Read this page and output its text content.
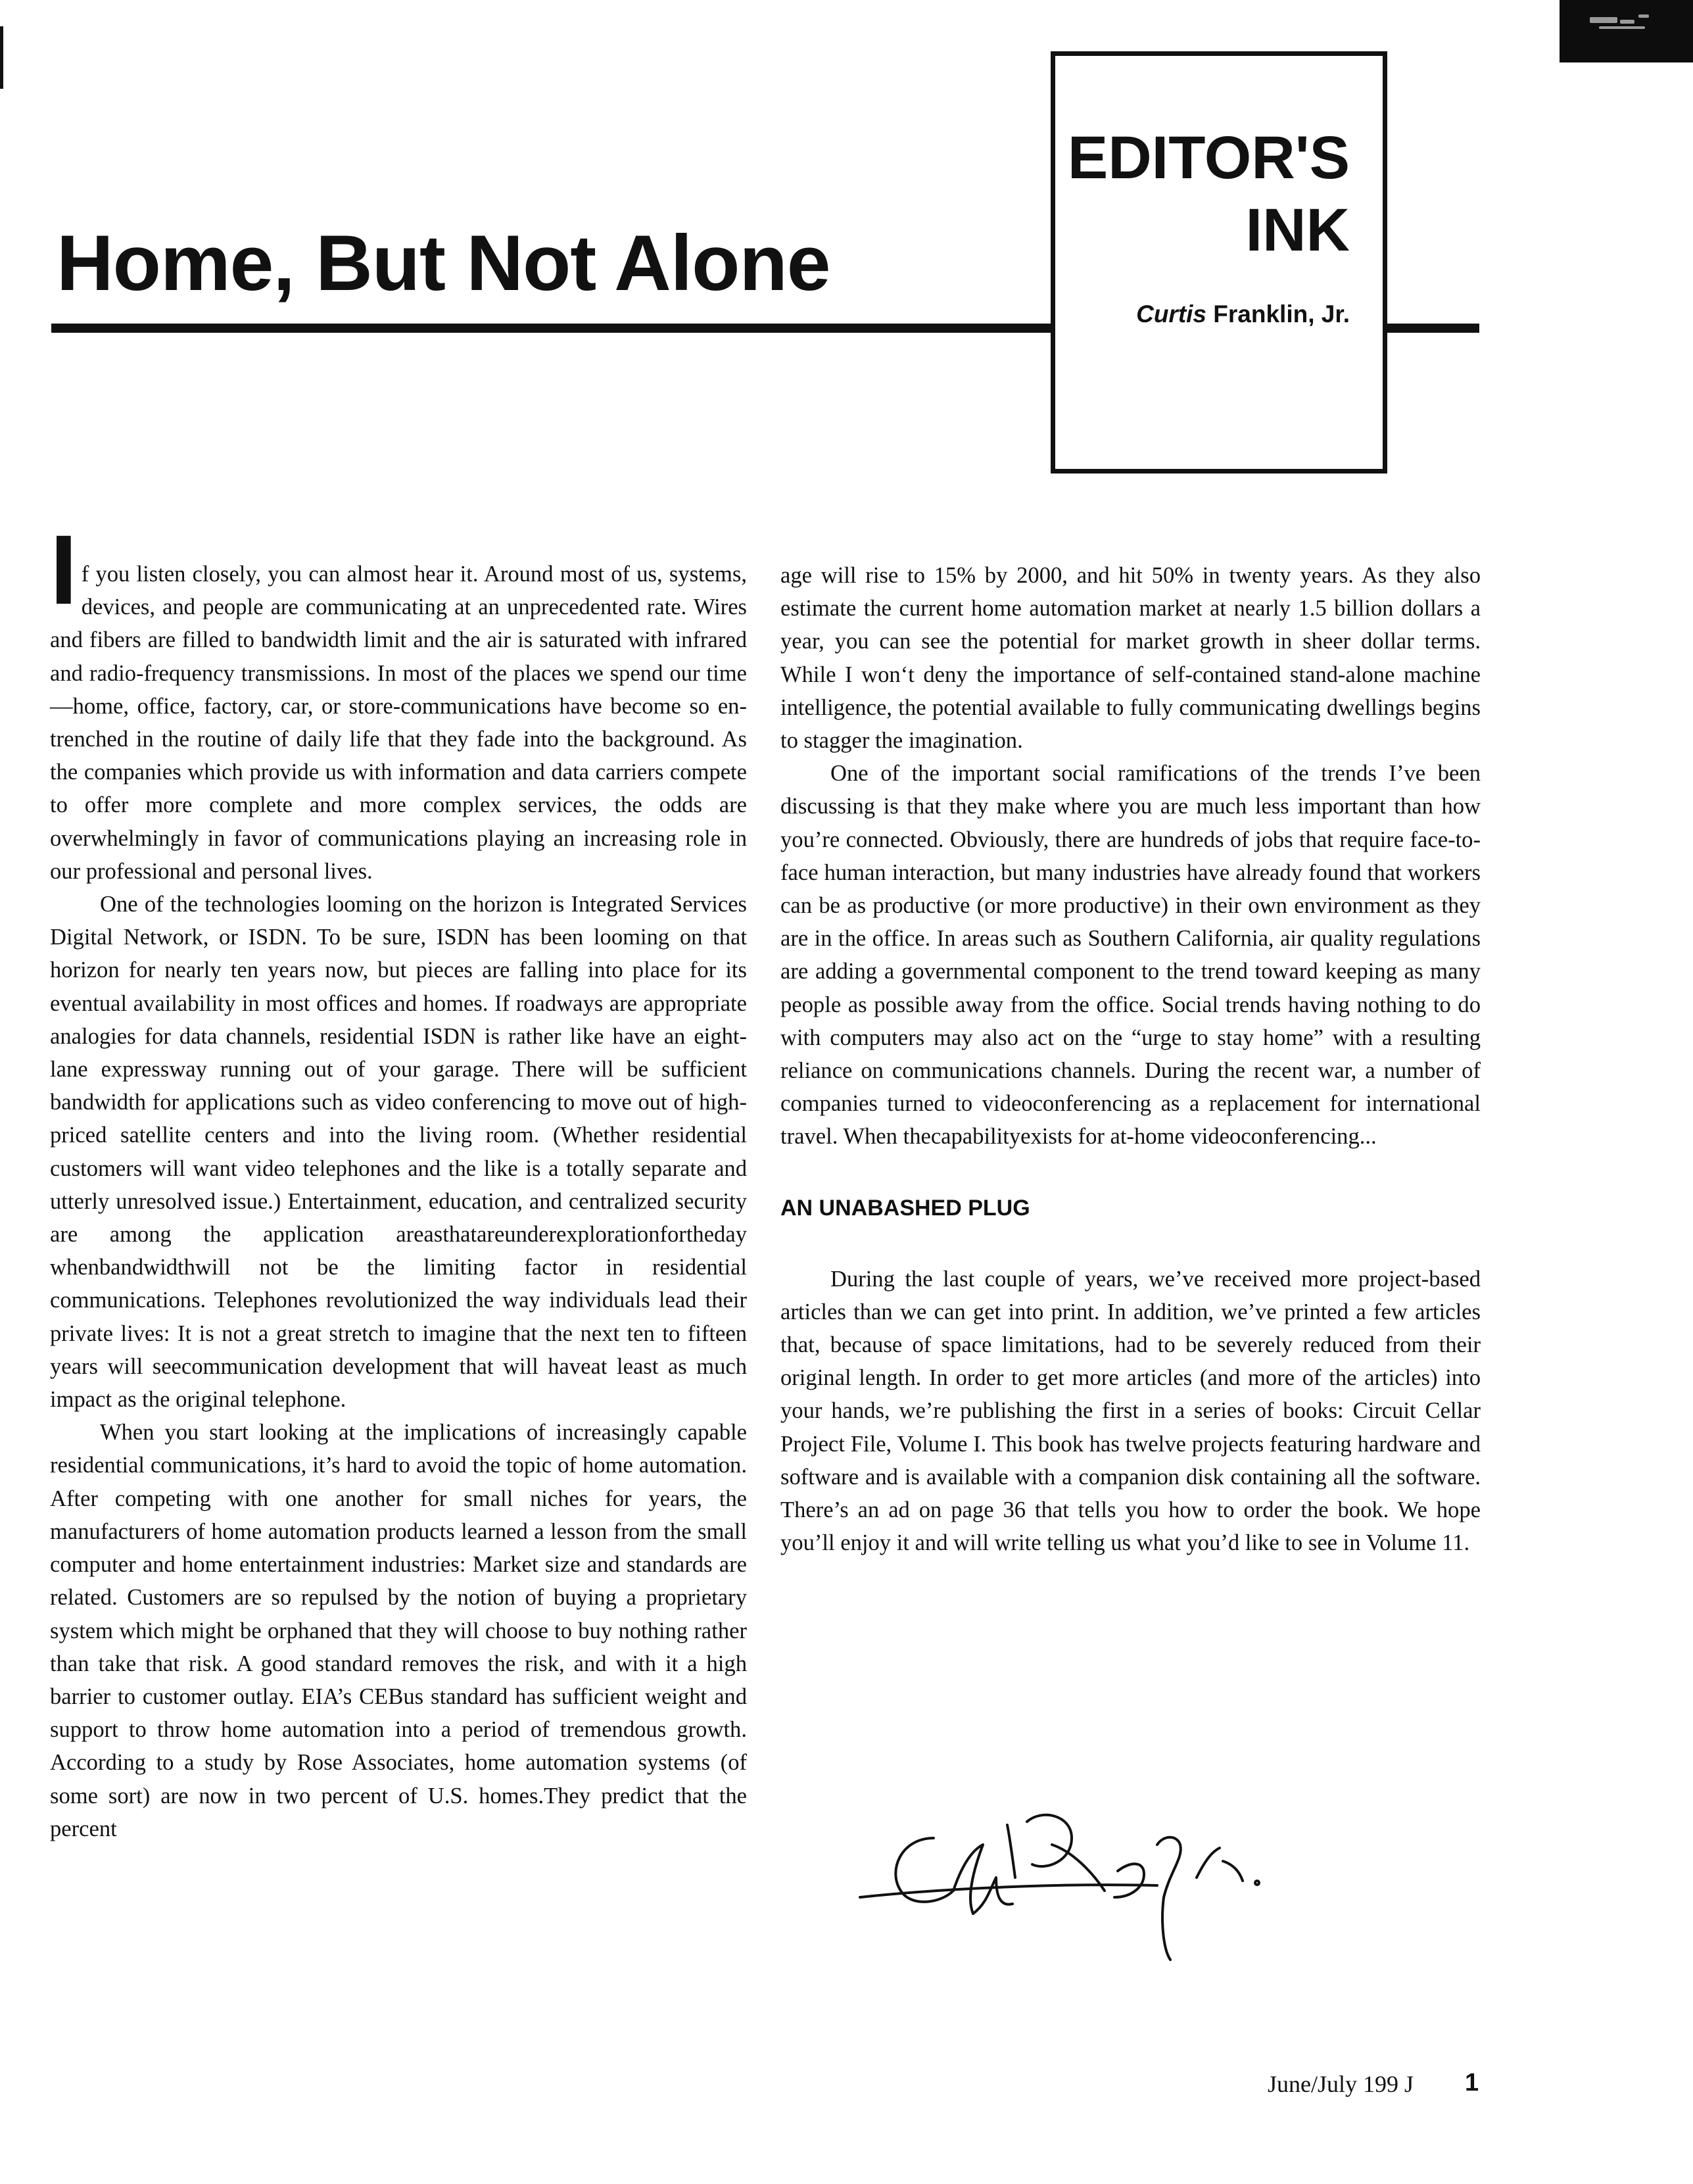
Home, But Not Alone
EDITOR'S
INK
Curtis Franklin, Jr.

If you listen closely, you can almost hear it. Around most of us, systems, devices, and people are communicating at an unprecedented rate. Wires and fibers are filled to bandwidth limit and the air is saturated with infrared and radio-frequency transmissions. In most of the places we spend our time—home, office, factory, car, or store-communications have become so entrenched in the routine of daily life that they fade into the background. As the companies which provide us with information and data carriers compete to offer more complete and more complex services, the odds are overwhelmingly in favor of communications playing an increasing role in our professional and personal lives.

One of the technologies looming on the horizon is Integrated Services Digital Network, or ISDN. To be sure, ISDN has been looming on that horizon for nearly ten years now, but pieces are falling into place for its eventual availability in most offices and homes. If roadways are appropriate analogies for data channels, residential ISDN is rather like have an eight-lane expressway running out of your garage. There will be sufficient bandwidth for applications such as video conferencing to move out of high-priced satellite centers and into the living room. (Whether residential customers will want video telephones and the like is a totally separate and utterly unresolved issue.) Entertainment, education, and centralized security are among the application areasthatareunderexplorationfortheday whenbandwidthwill not be the limiting factor in residential communications. Telephones revolutionized the way individuals lead their private lives: It is not a great stretch to imagine that the next ten to fifteen years will seecommunication development that will haveat least as much impact as the original telephone.

When you start looking at the implications of increasingly capable residential communications, it’s hard to avoid the topic of home automation. After competing with one another for small niches for years, the manufacturers of home automation products learned a lesson from the small computer and home entertainment industries: Market size and standards are related. Customers are so repulsed by the notion of buying a proprietary system which might be orphaned that they will choose to buy nothing rather than take that risk. A good standard removes the risk, and with it a high barrier to customer outlay. EIA’s CEBus standard has sufficient weight and support to throw home automation into a period of tremendous growth. According to a study by Rose Associates, home automation systems (of some sort) are now in two percent of U.S. homes.They predict that the percent

age will rise to 15% by 2000, and hit 50% in twenty years. As they also estimate the current home automation market at nearly 1.5 billion dollars a year, you can see the potential for market growth in sheer dollar terms. While I won‘t deny the importance of self-contained stand-alone machine intelligence, the potential available to fully communicating dwellings begins to stagger the imagination.

One of the important social ramifications of the trends I’ve been discussing is that they make where you are much less important than how you’re connected. Obviously, there are hundreds of jobs that require face-to-face human interaction, but many industries have already found that workers can be as productive (or more productive) in their own environment as they are in the office. In areas such as Southern California, air quality regulations are adding a governmental component to the trend toward keeping as many people as possible away from the office. Social trends having nothing to do with computers may also act on the “urge to stay home” with a resulting reliance on communications channels. During the recent war, a number of companies turned to videoconferencing as a replacement for international travel. When thecapabilityexists for at-home videoconferencing...

AN UNABASHED PLUG

During the last couple of years, we’ve received more project-based articles than we can get into print. In addition, we’ve printed a few articles that, because of space limitations, had to be severely reduced from their original length. In order to get more articles (and more of the articles) into your hands, we’re publishing the first in a series of books: Circuit Cellar Project File, Volume I. This book has twelve projects featuring hardware and software and is available with a companion disk containing all the software. There’s an ad on page 36 that tells you how to order the book. We hope you’ll enjoy it and will write telling us what you’d like to see in Volume 11.

June/July 199 J 1
